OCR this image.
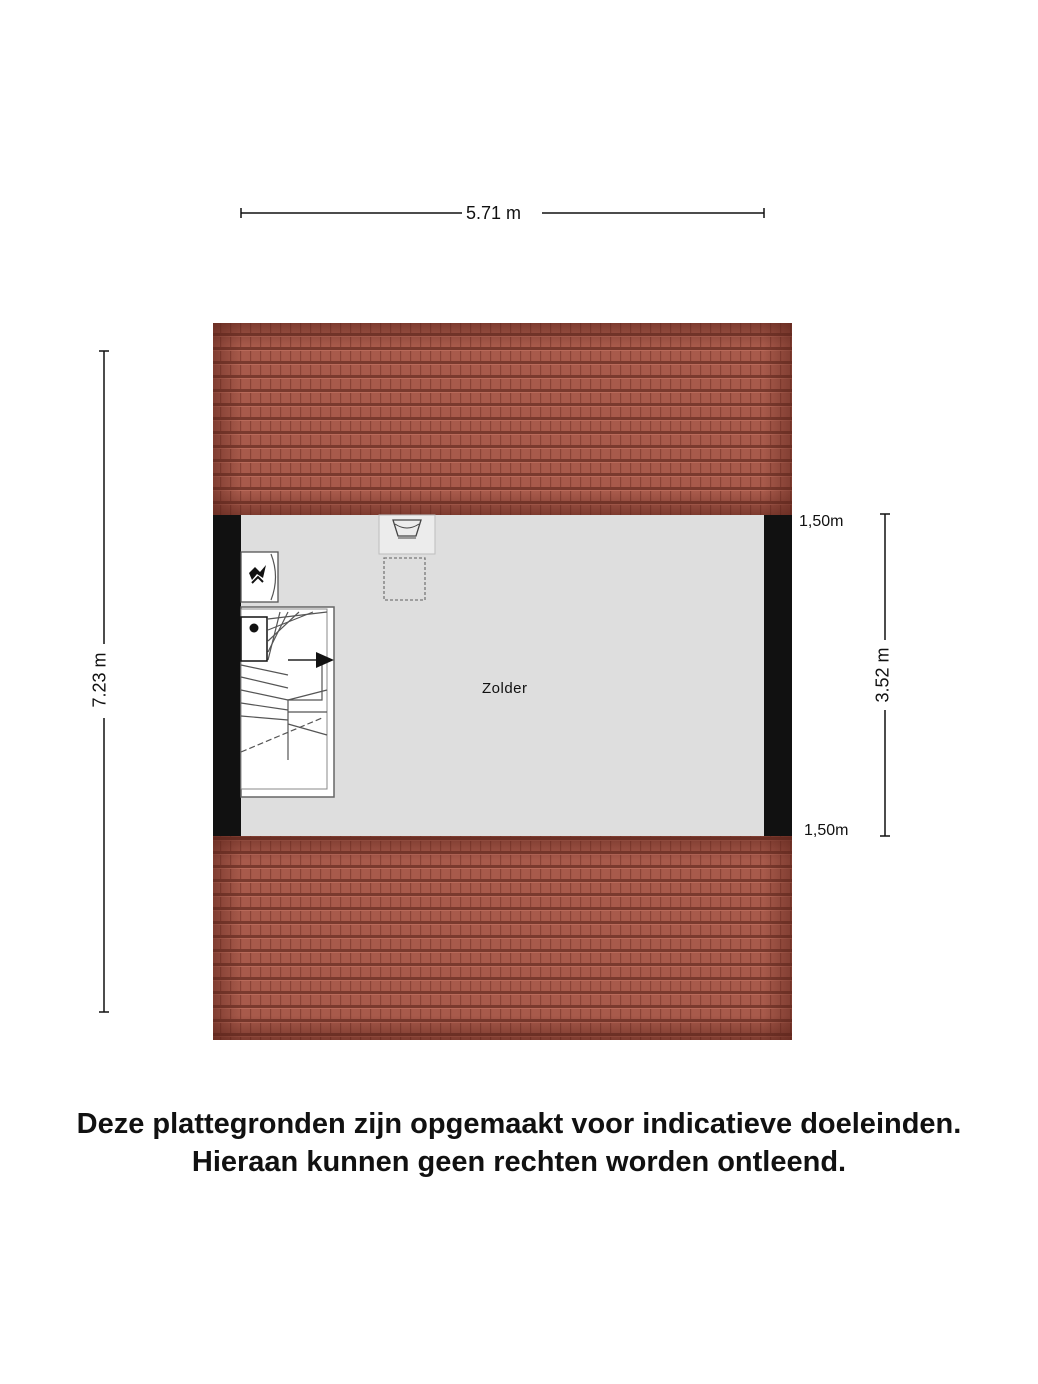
5.71 m
7.23 m	3.52 m
1,50m
1,50m
Zolder
Deze plattegronden zijn opgemaakt voor indicatieve doeleinden.
Hieraan kunnen geen rechten worden ontleend.
